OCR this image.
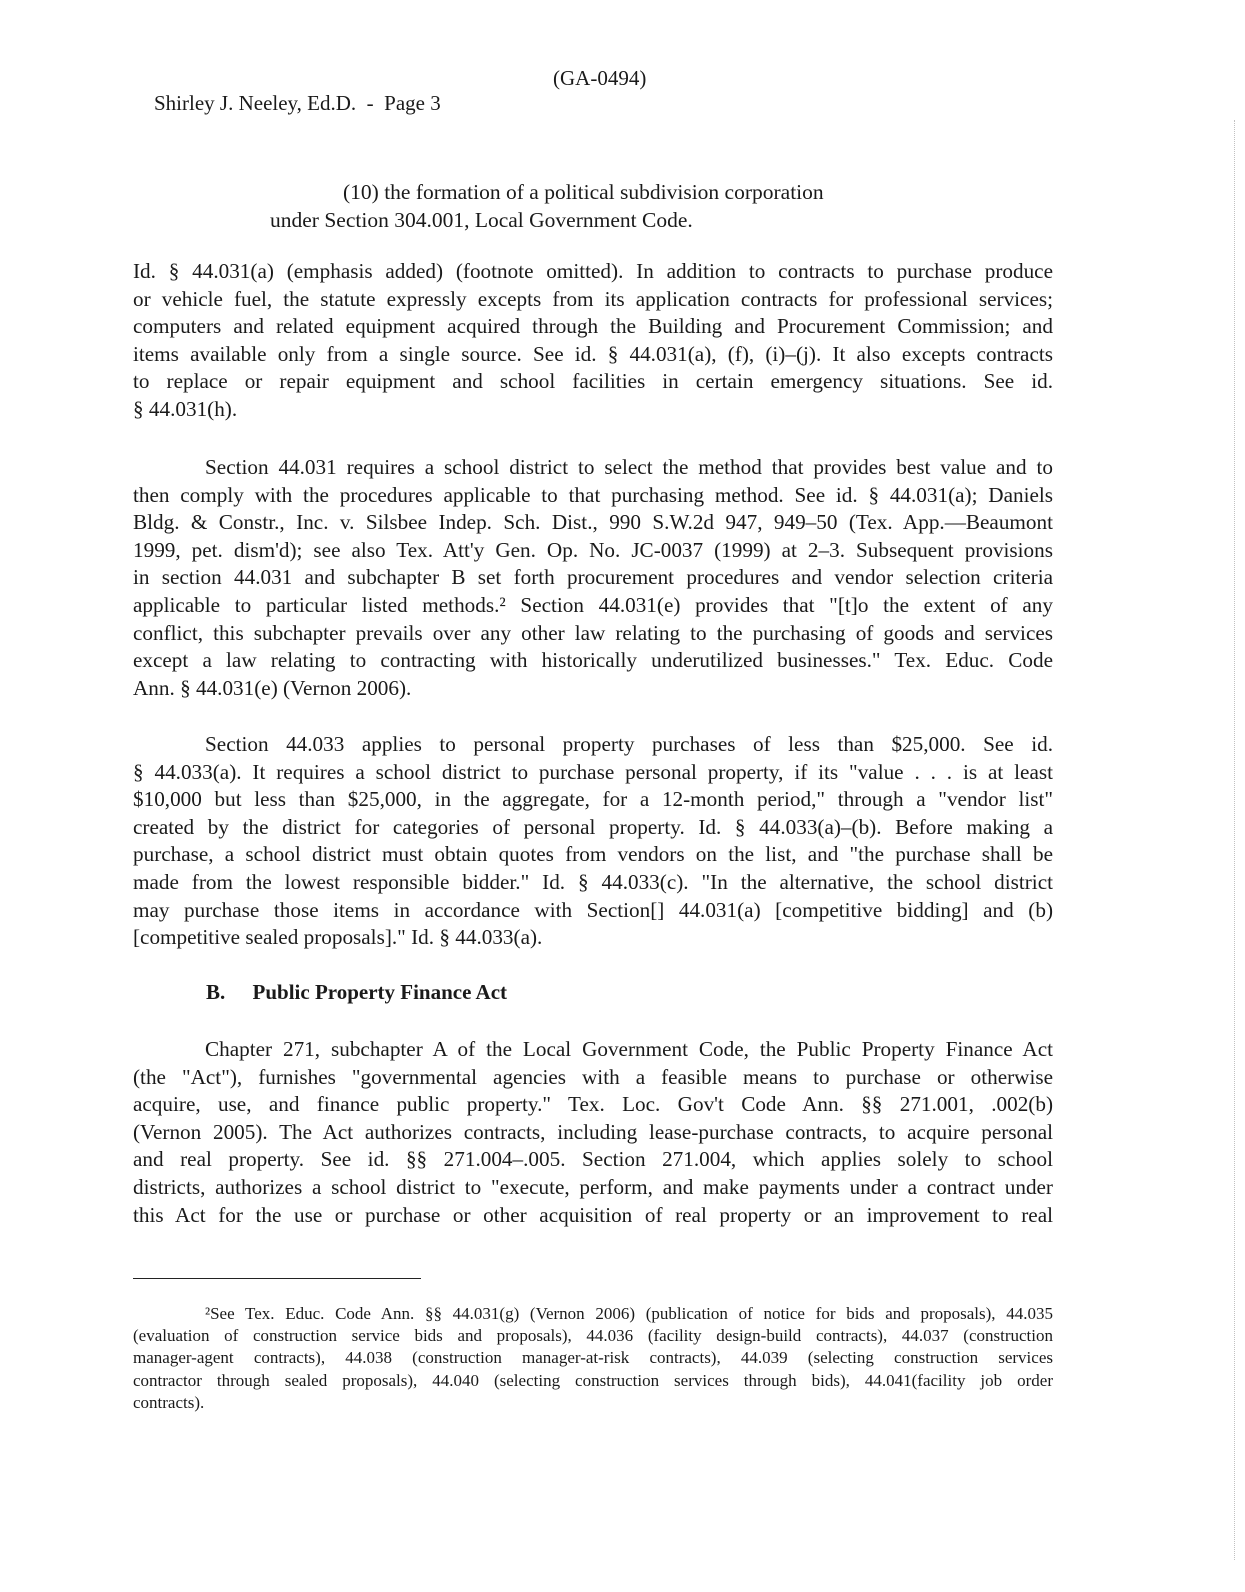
Shirley J. Neeley, Ed.D.  -  Page 3

(GA-0494)

(10) the formation of a political subdivision corporation
under Section 304.001, Local Government Code.
Id. § 44.031(a) (emphasis added) (footnote omitted). In addition to contracts to purchase produce
or vehicle fuel, the statute expressly excepts from its application contracts for professional services;
computers and related equipment acquired through the Building and Procurement Commission; and
items available only from a single source. See id. § 44.031(a), (f), (i)–(j). It also excepts contracts
to replace or repair equipment and school facilities in certain emergency situations. See id.
§ 44.031(h).
Section 44.031 requires a school district to select the method that provides best value and to
then comply with the procedures applicable to that purchasing method. See id. § 44.031(a); Daniels
Bldg. & Constr., Inc. v. Silsbee Indep. Sch. Dist., 990 S.W.2d 947, 949–50 (Tex. App.—Beaumont
1999, pet. dism'd); see also Tex. Att'y Gen. Op. No. JC-0037 (1999) at 2–3. Subsequent provisions
in section 44.031 and subchapter B set forth procurement procedures and vendor selection criteria
applicable to particular listed methods.² Section 44.031(e) provides that "[t]o the extent of any
conflict, this subchapter prevails over any other law relating to the purchasing of goods and services
except a law relating to contracting with historically underutilized businesses." Tex. Educ. Code
Ann. § 44.031(e) (Vernon 2006).
Section 44.033 applies to personal property purchases of less than $25,000. See id.
§ 44.033(a). It requires a school district to purchase personal property, if its "value . . . is at least
$10,000 but less than $25,000, in the aggregate, for a 12-month period," through a "vendor list"
created by the district for categories of personal property. Id. § 44.033(a)–(b). Before making a
purchase, a school district must obtain quotes from vendors on the list, and "the purchase shall be
made from the lowest responsible bidder." Id. § 44.033(c). "In the alternative, the school district
may purchase those items in accordance with Section[] 44.031(a) [competitive bidding] and (b)
[competitive sealed proposals]." Id. § 44.033(a).
B. Public Property Finance Act
Chapter 271, subchapter A of the Local Government Code, the Public Property Finance Act
(the "Act"), furnishes "governmental agencies with a feasible means to purchase or otherwise
acquire, use, and finance public property." Tex. Loc. Gov't Code Ann. §§ 271.001, .002(b)
(Vernon 2005). The Act authorizes contracts, including lease-purchase contracts, to acquire personal
and real property. See id. §§ 271.004–.005. Section 271.004, which applies solely to school
districts, authorizes a school district to "execute, perform, and make payments under a contract under
this Act for the use or purchase or other acquisition of real property or an improvement to real
²See Tex. Educ. Code Ann. §§ 44.031(g) (Vernon 2006) (publication of notice for bids and proposals), 44.035
(evaluation of construction service bids and proposals), 44.036 (facility design-build contracts), 44.037 (construction
manager-agent contracts), 44.038 (construction manager-at-risk contracts), 44.039 (selecting construction services
contractor through sealed proposals), 44.040 (selecting construction services through bids), 44.041(facility job order
contracts).
